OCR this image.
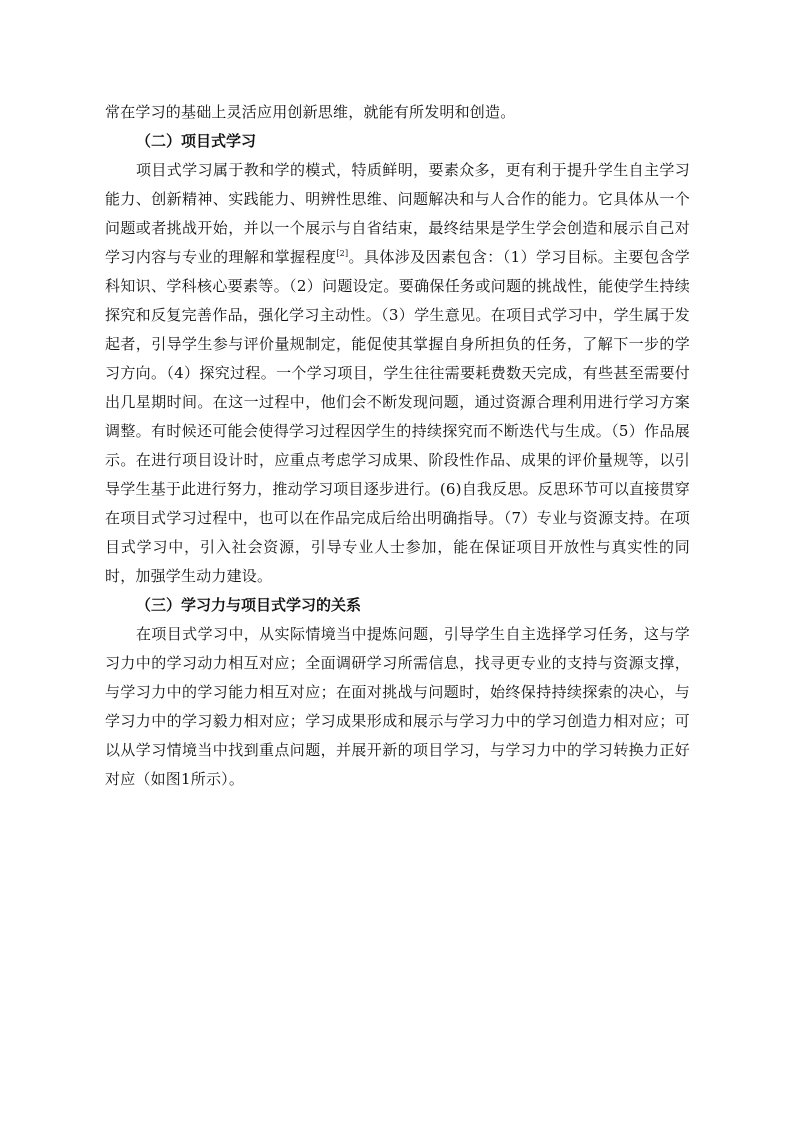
常在学习的基础上灵活应用创新思维，就能有所发明和创造。

（二）项目式学习

项目式学习属于教和学的模式，特质鲜明，要素众多，更有利于提升学生自主学习能力、创新精神、实践能力、明辨性思维、问题解决和与人合作的能力。它具体从一个问题或者挑战开始，并以一个展示与自省结束，最终结果是学生学会创造和展示自己对学习内容与专业的理解和掌握程度[2]。具体涉及因素包含：（1）学习目标。主要包含学科知识、学科核心要素等。（2）问题设定。要确保任务或问题的挑战性，能使学生持续探究和反复完善作品，强化学习主动性。（3）学生意见。在项目式学习中，学生属于发起者，引导学生参与评价量规制定，能促使其掌握自身所担负的任务，了解下一步的学习方向。（4）探究过程。一个学习项目，学生往往需要耗费数天完成，有些甚至需要付出几星期时间。在这一过程中，他们会不断发现问题，通过资源合理利用进行学习方案调整。有时候还可能会使得学习过程因学生的持续探究而不断迭代与生成。（5）作品展示。在进行项目设计时，应重点考虑学习成果、阶段性作品、成果的评价量规等，以引导学生基于此进行努力，推动学习项目逐步进行。(6)自我反思。反思环节可以直接贯穿在项目式学习过程中，也可以在作品完成后给出明确指导。（7）专业与资源支持。在项目式学习中，引入社会资源，引导专业人士参加，能在保证项目开放性与真实性的同时，加强学生动力建设。

（三）学习力与项目式学习的关系

在项目式学习中，从实际情境当中提炼问题，引导学生自主选择学习任务，这与学习力中的学习动力相互对应；全面调研学习所需信息，找寻更专业的支持与资源支撑，与学习力中的学习能力相互对应；在面对挑战与问题时，始终保持持续探索的决心，与学习力中的学习毅力相对应；学习成果形成和展示与学习力中的学习创造力相对应；可以从学习情境当中找到重点问题，并展开新的项目学习，与学习力中的学习转换力正好对应（如图1所示）。
